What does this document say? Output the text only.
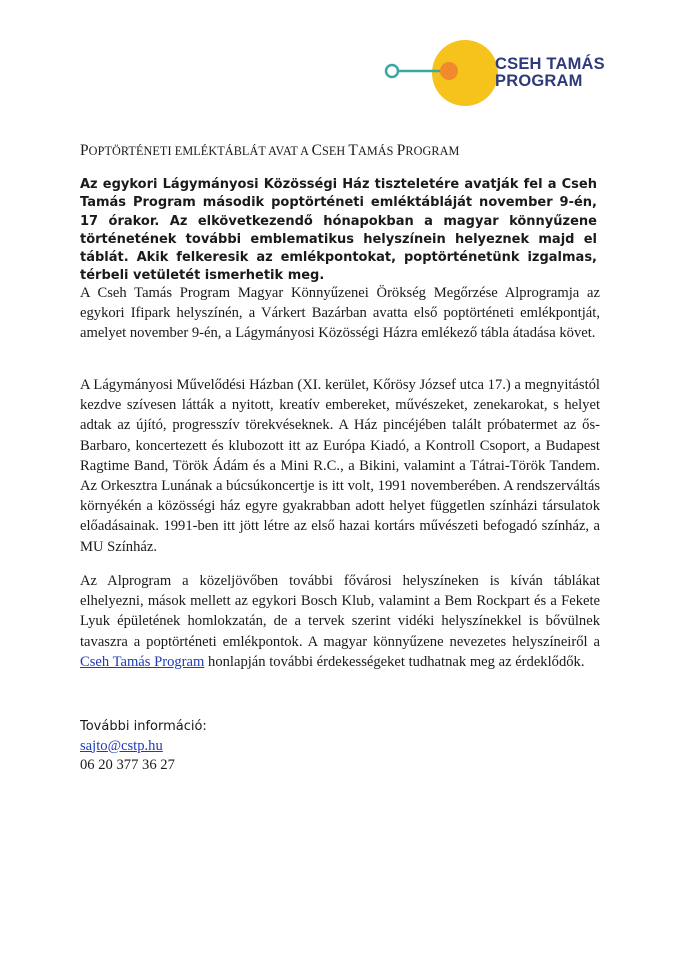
CSEH TAMÁS
PROGRAM
POPTÖRTÉNETI EMLÉKTÁBLÁT AVAT A CSEH TAMÁS PROGRAM
Az egykori Lágymányosi Közösségi Ház tiszteletére avatják fel a Cseh Tamás Program második poptörténeti emléktábláját november 9-én, 17 órakor. Az elkövetkezendő hónapokban a magyar könnyűzene történetének további emblematikus helyszínein helyeznek majd el táblát. Akik felkeresik az emlékpontokat, poptörténetünk izgalmas, térbeli vetületét ismerhetik meg.
A Cseh Tamás Program Magyar Könnyűzenei Örökség Megőrzése Alprogramja az egykori Ifipark helyszínén, a Várkert Bazárban avatta első poptörténeti emlékpontját, amelyet november 9-én, a Lágymányosi Közösségi Házra emlékező tábla átadása követ.
A Lágymányosi Művelődési Házban (XI. kerület, Kőrösy József utca 17.) a megnyitástól kezdve szívesen látták a nyitott, kreatív embereket, művészeket, zenekarokat, s helyet adtak az újító, progresszív törekvéseknek. A Ház pincéjében talált próbatermet az ős-Barbaro, koncertezett és klubozott itt az Európa Kiadó, a Kontroll Csoport, a Budapest Ragtime Band, Török Ádám és a Mini R.C., a Bikini, valamint a Tátrai-Török Tandem. Az Orkesztra Lunának a búcsúkoncertje is itt volt, 1991 novemberében. A rendszerváltás környékén a közösségi ház egyre gyakrabban adott helyet független színházi társulatok előadásainak. 1991-ben itt jött létre az első hazai kortárs művészeti befogadó színház, a MU Színház.
Az Alprogram a közeljövőben további fővárosi helyszíneken is kíván táblákat elhelyezni, mások mellett az egykori Bosch Klub, valamint a Bem Rockpart és a Fekete Lyuk épületének homlokzatán, de a tervek szerint vidéki helyszínekkel is bővülnek tavaszra a poptörténeti emlékpontok. A magyar könnyűzene nevezetes helyszíneiről a Cseh Tamás Program honlapján további érdekességeket tudhatnak meg az érdeklődők.
További információ:
sajto@cstp.hu
06 20 377 36 27
